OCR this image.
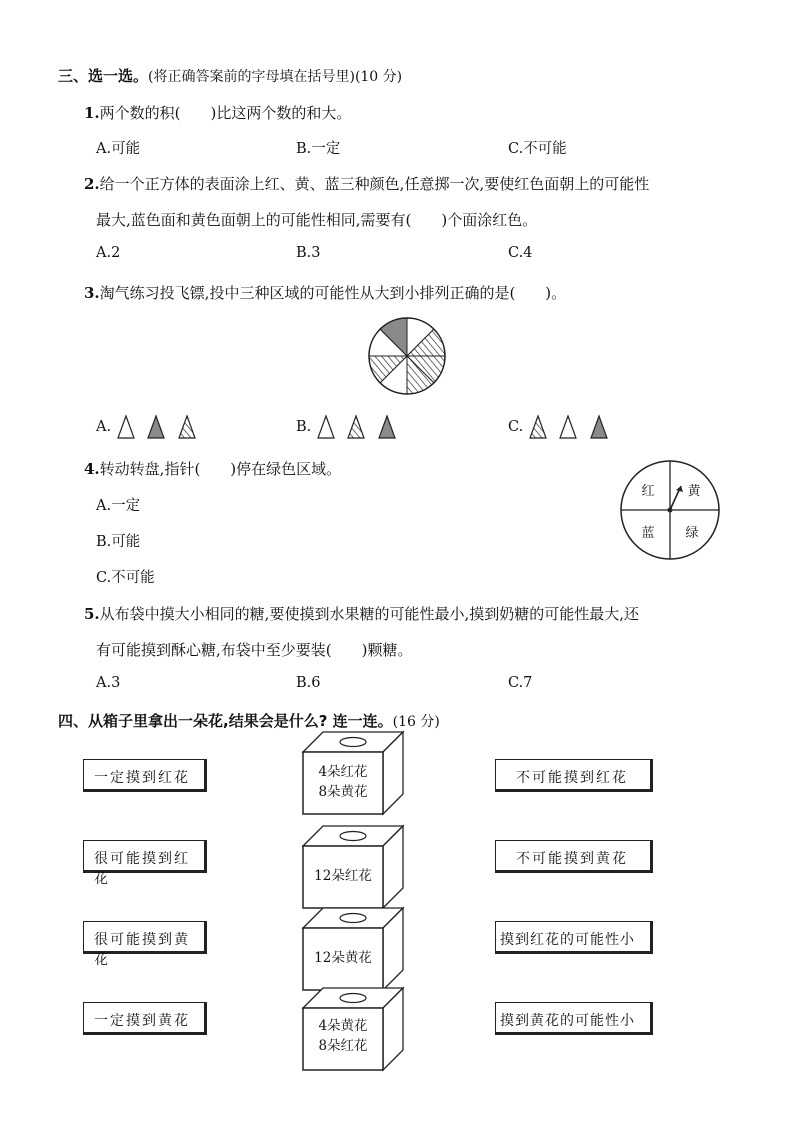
三、选一选。(将正确答案前的字母填在括号里)(10 分)
1.两个数的积(　　)比这两个数的和大。
A.可能	B.一定	C.不可能
2.给一个正方体的表面涂上红、黄、蓝三种颜色,任意掷一次,要使红色面朝上的可能性
最大,蓝色面和黄色面朝上的可能性相同,需要有(　　)个面涂红色。
A.2	B.3	C.4
3.淘气练习投飞镖,投中三种区域的可能性从大到小排列正确的是(　　)。
A.	B.	C.
4.转动转盘,指针(　　)停在绿色区域。
A.一定
B.可能
C.不可能
红	黄
蓝 绿
5.从布袋中摸大小相同的糖,要使摸到水果糖的可能性最小,摸到奶糖的可能性最大,还
有可能摸到酥心糖,布袋中至少要装(　　)颗糖。
A.3	B.6	C.7
四、从箱子里拿出一朵花,结果会是什么? 连一连。(16 分)
一定摸到红花
很可能摸到红花
很可能摸到黄花
一定摸到黄花
4朵红花
8朵黄花
12朵红花
12朵黄花
4朵黄花
8朵红花
不可能摸到红花
不可能摸到黄花
摸到红花的可能性小
摸到黄花的可能性小
